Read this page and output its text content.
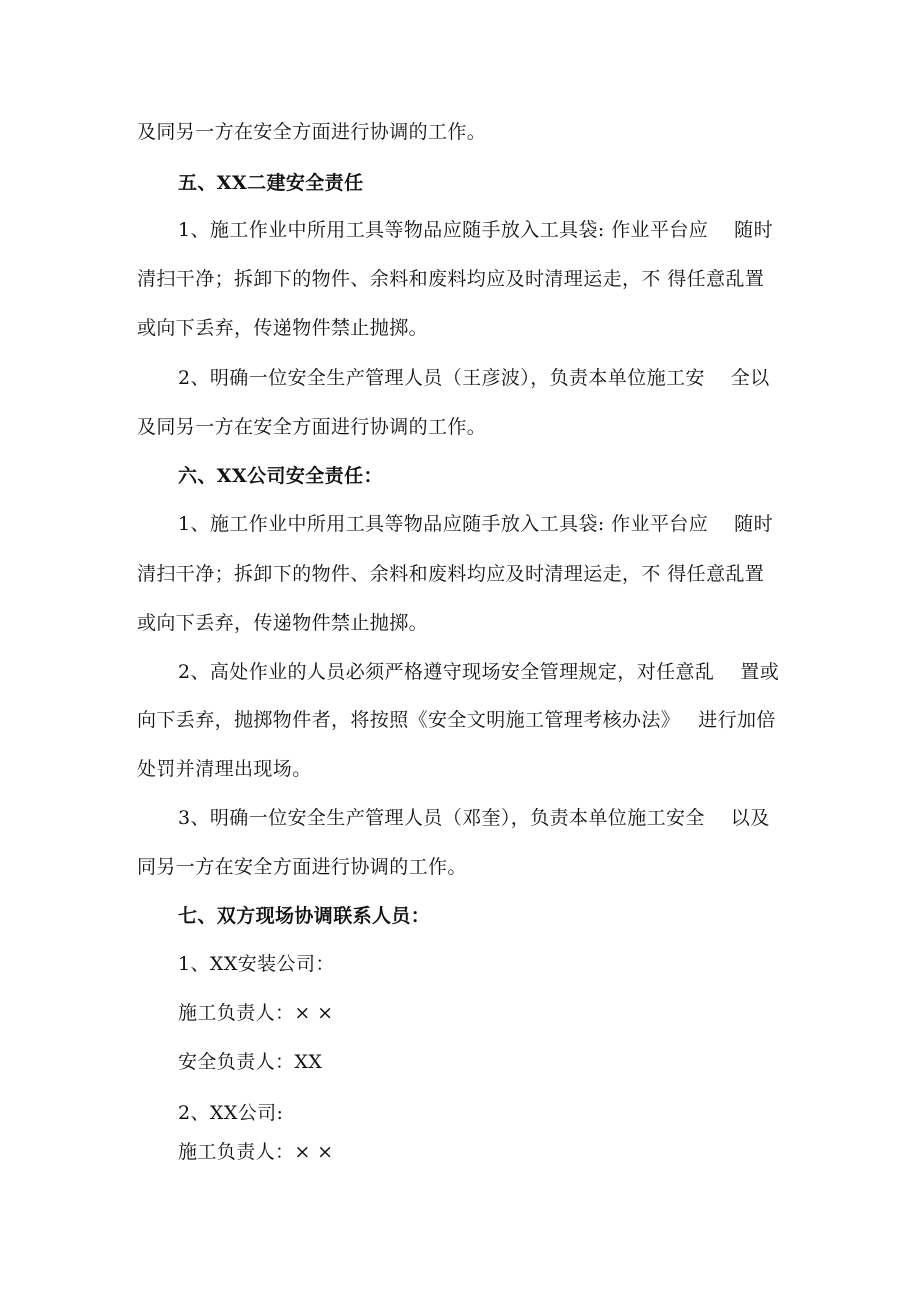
及同另一方在安全方面进行协调的工作。
五、XX二建安全责任
1、施工作业中所用工具等物品应随手放入工具袋: 作业平台应 随时
清扫干净；拆卸下的物件、余料和废料均应及时清理运走，不 得任意乱置
或向下丢弃，传递物件禁止抛掷。
2、明确一位安全生产管理人员（王彦波），负责本单位施工安 全以
及同另一方在安全方面进行协调的工作。
六、XX公司安全责任：
1、施工作业中所用工具等物品应随手放入工具袋: 作业平台应 随时
清扫干净；拆卸下的物件、余料和废料均应及时清理运走，不 得任意乱置
或向下丢弃，传递物件禁止抛掷。
2、高处作业的人员必须严格遵守现场安全管理规定，对任意乱 置或
向下丢弃，抛掷物件者，将按照《安全文明施工管理考核办法》 进行加倍
处罚并清理出现场。
3、明确一位安全生产管理人员（邓奎），负责本单位施工安全 以及
同另一方在安全方面进行协调的工作。
七、双方现场协调联系人员：
1、XX安装公司：
施工负责人：× ×
安全负责人：XX
2、XX公司:
施工负责人：× ×
